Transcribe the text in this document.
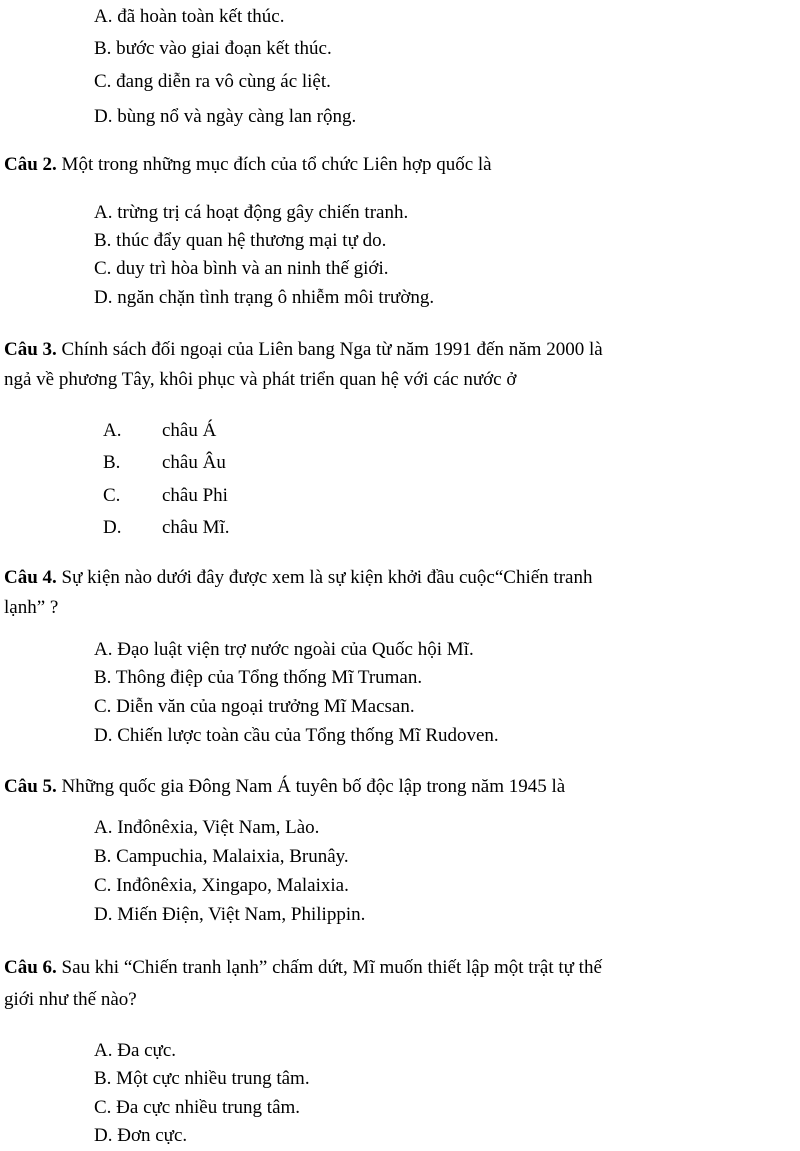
A. đã hoàn toàn kết thúc.
B. bước vào giai đoạn kết thúc.
C. đang diễn ra vô cùng ác liệt.
D. bùng nổ và ngày càng lan rộng.
Câu 2. Một trong những mục đích của tổ chức Liên hợp quốc là
A. trừng trị cá hoạt động gây chiến tranh.
B. thúc đẩy quan hệ thương mại tự do.
C. duy trì hòa bình và an ninh thế giới.
D. ngăn chặn tình trạng ô nhiễm môi trường.
Câu 3. Chính sách đối ngoại của Liên bang Nga từ năm 1991 đến năm 2000 là
ngả về phương Tây, khôi phục và phát triển quan hệ với các nước ở
A. châu Á
B. châu Âu
C. châu Phi
D. châu Mĩ.
Câu 4. Sự kiện nào dưới đây được xem là sự kiện khởi đầu cuộc“Chiến tranh
lạnh” ?
A. Đạo luật viện trợ nước ngoài của Quốc hội Mĩ.
B. Thông điệp của Tổng thống Mĩ Truman.
C. Diễn văn của ngoại trưởng Mĩ Macsan.
D. Chiến lược toàn cầu của Tổng thống Mĩ Rudoven.
Câu 5. Những quốc gia Đông Nam Á tuyên bố độc lập trong năm 1945 là
A. Inđônêxia, Việt Nam, Lào.
B. Campuchia, Malaixia, Brunây.
C. Inđônêxia, Xingapo, Malaixia.
D. Miến Điện, Việt Nam, Philippin.
Câu 6. Sau khi “Chiến tranh lạnh” chấm dứt, Mĩ muốn thiết lập một trật tự thế
giới như thế nào?
A. Đa cực.
B. Một cực nhiều trung tâm.
C. Đa cực nhiều trung tâm.
D. Đơn cực.
